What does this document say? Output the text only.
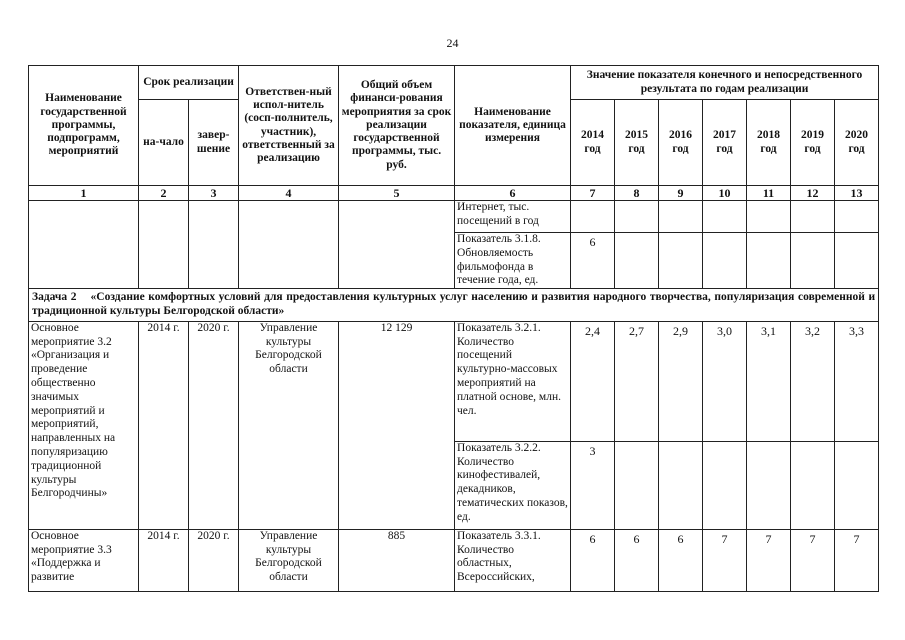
24
Наименование государственной программы, подпрограмм, мероприятий	Срок реализации		Ответствен-ный испол-нитель (сосп-полнитель, участник), ответственный за реализацию	Общий объем финанси-рования мероприятия за срок реализации государственной программы, тыс. руб.	Наименование показателя, единица измерения	Значение показателя конечного и непосредственного результата по годам реализации						
	на-чало	завер-шение				2014 год	2015 год	2016 год	2017 год	2018 год	2019 год	2020 год
1	2	3	4	5	6	7	8	9	10	11	12	13
					Интернет, тыс. посещений в год							
					Показатель 3.1.8. Обновляемость фильмофонда в течение года, ед.	6						
Задача 2 «Создание комфортных условий для предоставления культурных услуг населению и развития народного творчества, популяризация современной и традиционной культуры Белгородской области»												
Основное мероприятие 3.2 «Организация и проведение общественно значимых мероприятий и мероприятий, направленных на популяризацию традиционной культуры Белгородчины»	2014 г.	2020 г.	Управление культуры Белгородской области	12 129	Показатель 3.2.1. Количество посещений культурно-массовых мероприятий на платной основе, млн. чел.	2,4	2,7	2,9	3,0	3,1	3,2	3,3
					Показатель 3.2.2. Количество кинофестивалей, декадников, тематических показов, ед.	3						
Основное мероприятие 3.3 «Поддержка и развитие	2014 г.	2020 г.	Управление культуры Белгородской области	885	Показатель 3.3.1. Количество областных, Всероссийских,	6	6	6	7	7	7	7
